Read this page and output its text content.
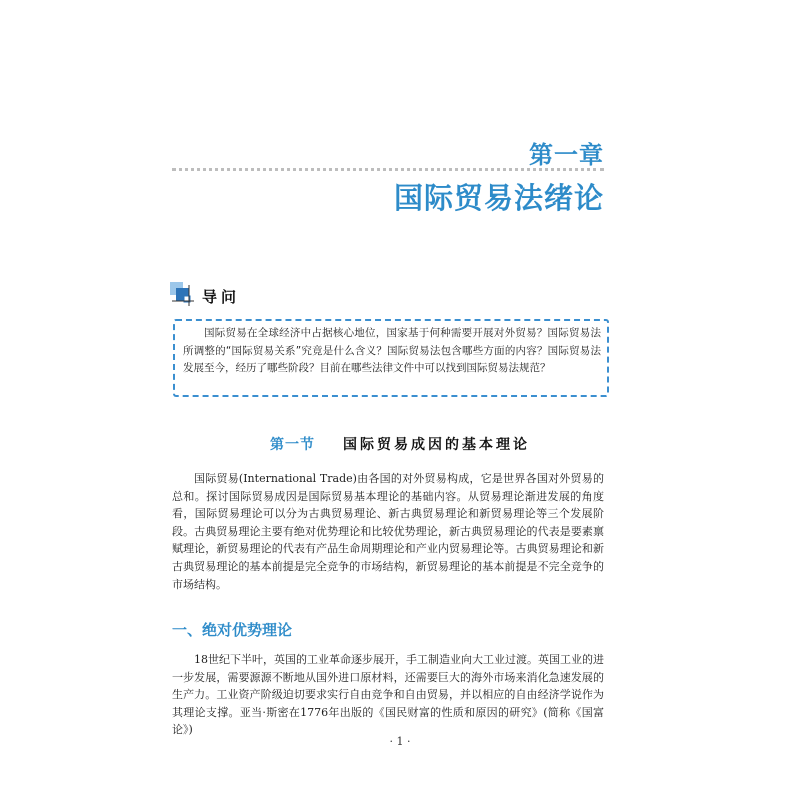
第一章
国际贸易法绪论
导问
国际贸易在全球经济中占据核心地位，国家基于何种需要开展对外贸易？国际贸易法所调整的“国际贸易关系”究竟是什么含义？国际贸易法包含哪些方面的内容？国际贸易法发展至今，经历了哪些阶段？目前在哪些法律文件中可以找到国际贸易法规范？
第一节 国际贸易成因的基本理论
国际贸易(International Trade)由各国的对外贸易构成，它是世界各国对外贸易的总和。探讨国际贸易成因是国际贸易基本理论的基础内容。从贸易理论渐进发展的角度看，国际贸易理论可以分为古典贸易理论、新古典贸易理论和新贸易理论等三个发展阶段。古典贸易理论主要有绝对优势理论和比较优势理论，新古典贸易理论的代表是要素禀赋理论，新贸易理论的代表有产品生命周期理论和产业内贸易理论等。古典贸易理论和新古典贸易理论的基本前提是完全竞争的市场结构，新贸易理论的基本前提是不完全竞争的市场结构。
一、绝对优势理论
18世纪下半叶，英国的工业革命逐步展开，手工制造业向大工业过渡。英国工业的进一步发展，需要源源不断地从国外进口原材料，还需要巨大的海外市场来消化急速发展的生产力。工业资产阶级迫切要求实行自由竞争和自由贸易，并以相应的自由经济学说作为其理论支撑。亚当·斯密在1776年出版的《国民财富的性质和原因的研究》(简称《国富论》)
· 1 ·
